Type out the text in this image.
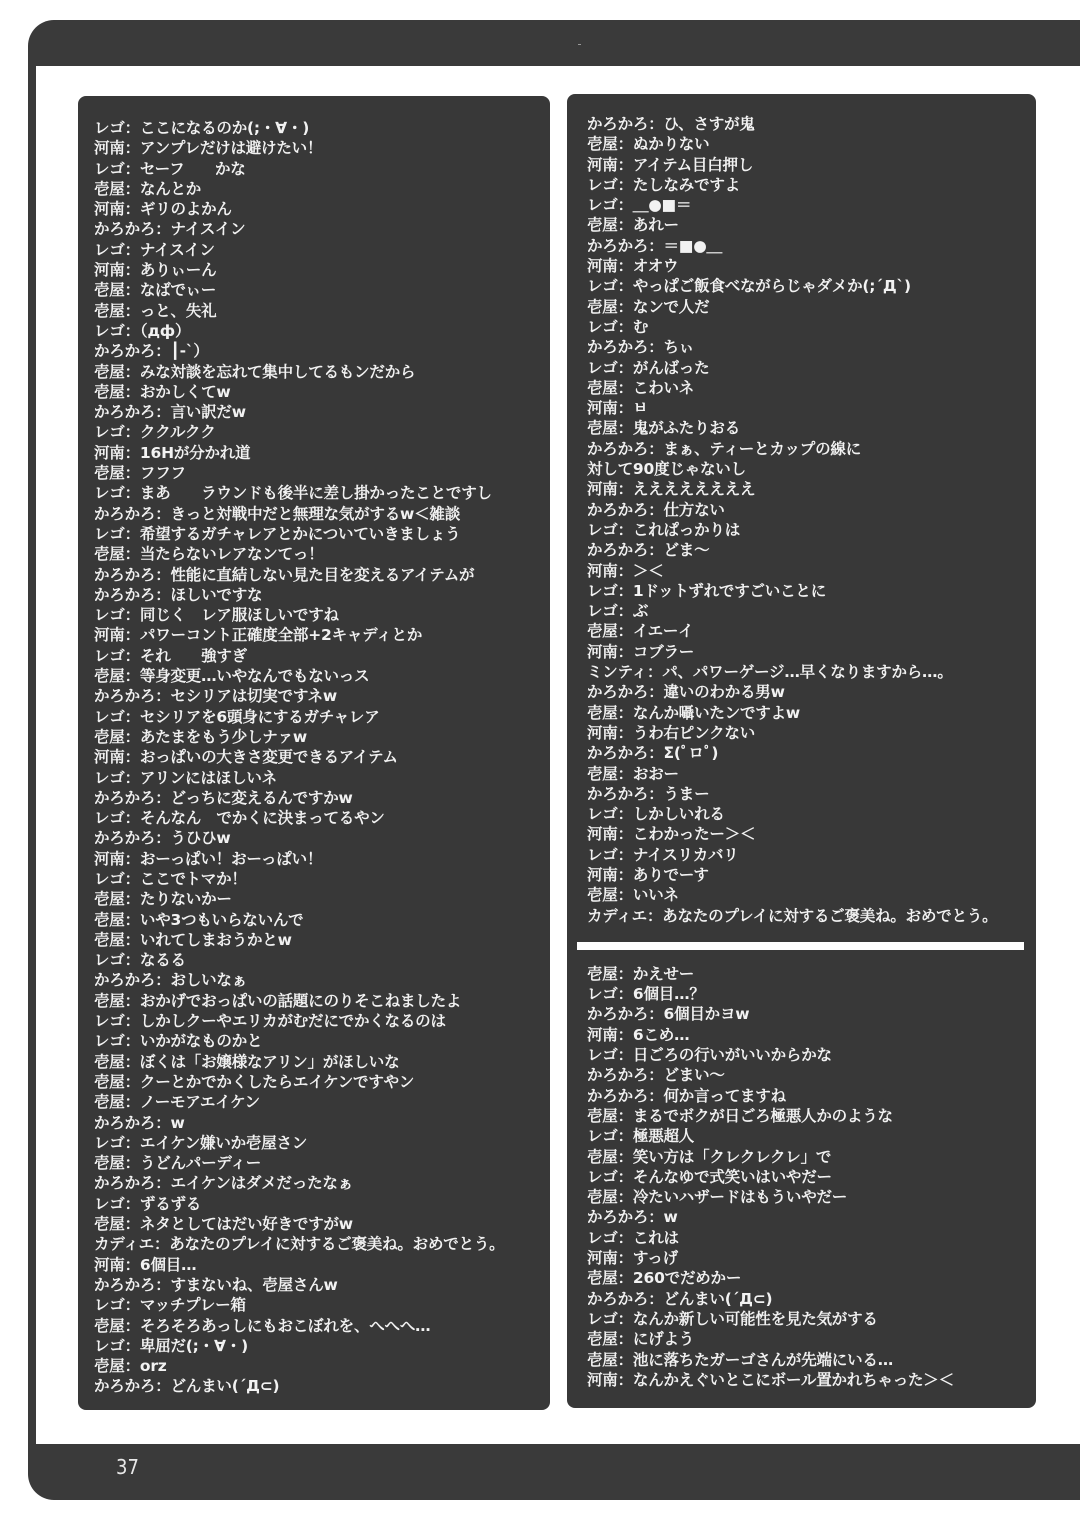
レゴ：ここになるのか(;・∀・)
河南：アンプレだけは避けたい！
レゴ：セーフ　　かな
壱屋：なんとか
河南：ギリのよかん
かろかろ：ナイスイン
レゴ：ナイスイン
河南：ありぃーん
壱屋：なばでぃー
壱屋：っと、失礼
レゴ：（дф）
かろかろ：┃-`）
壱屋：みな対談を忘れて集中してるもンだから
壱屋：おかしくてw
かろかろ：言い訳だw
レゴ：ククルクク
河南：16Hが分かれ道
壱屋：フフフ
レゴ：まあ　　ラウンドも後半に差し掛かったことですし
かろかろ：きっと対戦中だと無理な気がするw＜雑談
レゴ：希望するガチャレアとかについていきましょう
壱屋：当たらないレアなンてっ！
かろかろ：性能に直結しない見た目を変えるアイテムが
かろかろ：ほしいですな
レゴ：同じく　レア服ほしいですね
河南：パワーコント正確度全部+2キャディとか
レゴ：それ　　強すぎ
壱屋：等身変更…いやなんでもないっス
かろかろ：セシリアは切実ですネw
レゴ：セシリアを6頭身にするガチャレア
壱屋：あたまをもう少しナァw
河南：おっぱいの大きさ変更できるアイテム
レゴ：アリンにはほしいネ
かろかろ：どっちに変えるんですかw
レゴ：そんなん　でかくに決まってるやン
かろかろ：うひひw
河南：おーっぱい！おーっぱい！
レゴ：ここでトマか！
壱屋：たりないかー
壱屋：いや3つもいらないんで
壱屋：いれてしまおうかとw
レゴ：なるる
かろかろ：おしいなぁ
壱屋：おかげでおっぱいの話題にのりそこねましたよ
レゴ：しかしクーやエリカがむだにでかくなるのは
レゴ：いかがなものかと
壱屋：ぼくは「お嬢様なアリン」がほしいな
壱屋：クーとかでかくしたらエイケンですやン
壱屋：ノーモアエイケン
かろかろ：w
レゴ：エイケン嫌いか壱屋さン
壱屋：うどんパーディー
かろかろ：エイケンはダメだったなぁ
レゴ：ずるずる
壱屋：ネタとしてはだい好きですがw
カディエ：あなたのプレイに対するご褒美ね。おめでとう。
河南：6個目…
かろかろ：すまないね、壱屋さんw
レゴ：マッチプレー箱
壱屋：そろそろあっしにもおこぼれを、へへへ…
レゴ：卑屈だ(;・∀・)
壱屋：orz
かろかろ：どんまい(´Д⊂)
かろかろ：ひ、さすが鬼
壱屋：ぬかりない
河南：アイテム目白押し
レゴ：たしなみですよ
レゴ：＿●■＝
壱屋：あれー
かろかろ：＝■●＿
河南：オオウ
レゴ：やっぱご飯食べながらじゃダメか(;´Д`)
壱屋：なンで人だ
レゴ：む
かろかろ：ちぃ
レゴ：がんばった
壱屋：こわいネ
河南：ㅂ
壱屋：鬼がふたりおる
かろかろ：まぁ、ティーとカップの線に
対して90度じゃないし
河南：ええええええええ
かろかろ：仕方ない
レゴ：これぱっかりは
かろかろ：どま～
河南：＞＜
レゴ：1ドットずれですごいことに
レゴ：ぶ
壱屋：イエーイ
河南：コブラー
ミンティ：パ、パワーゲージ…早くなりますから…。
かろかろ：違いのわかる男w
壱屋：なんか囁いたンですよw
河南：うわ右ピンクない
かろかろ：Σ(ﾟロﾟ)
壱屋：おおー
かろかろ：うまー
レゴ：しかしいれる
河南：こわかったー＞＜
レゴ：ナイスリカバリ
河南：ありでーす
壱屋：いいネ
カディエ：あなたのプレイに対するご褒美ね。おめでとう。
壱屋：かえせー
レゴ：6個目…？
かろかろ：6個目かヨw
河南：6こめ…
レゴ：日ごろの行いがいいからかな
かろかろ：どまい～
かろかろ：何か言ってますね
壱屋：まるでボクが日ごろ極悪人かのような
レゴ：極悪超人
壱屋：笑い方は「クレクレクレ」で
レゴ：そんなゆで式笑いはいやだー
壱屋：冷たいハザードはもういやだー
かろかろ：w
レゴ：これは
河南：すっげ
壱屋：260でだめかー
かろかろ：どんまい(´Д⊂)
レゴ：なんか新しい可能性を見た気がする
壱屋：にげよう
壱屋：池に落ちたガーゴさんが先端にいる…
河南：なんかえぐいとこにボール置かれちゃった＞＜
37
